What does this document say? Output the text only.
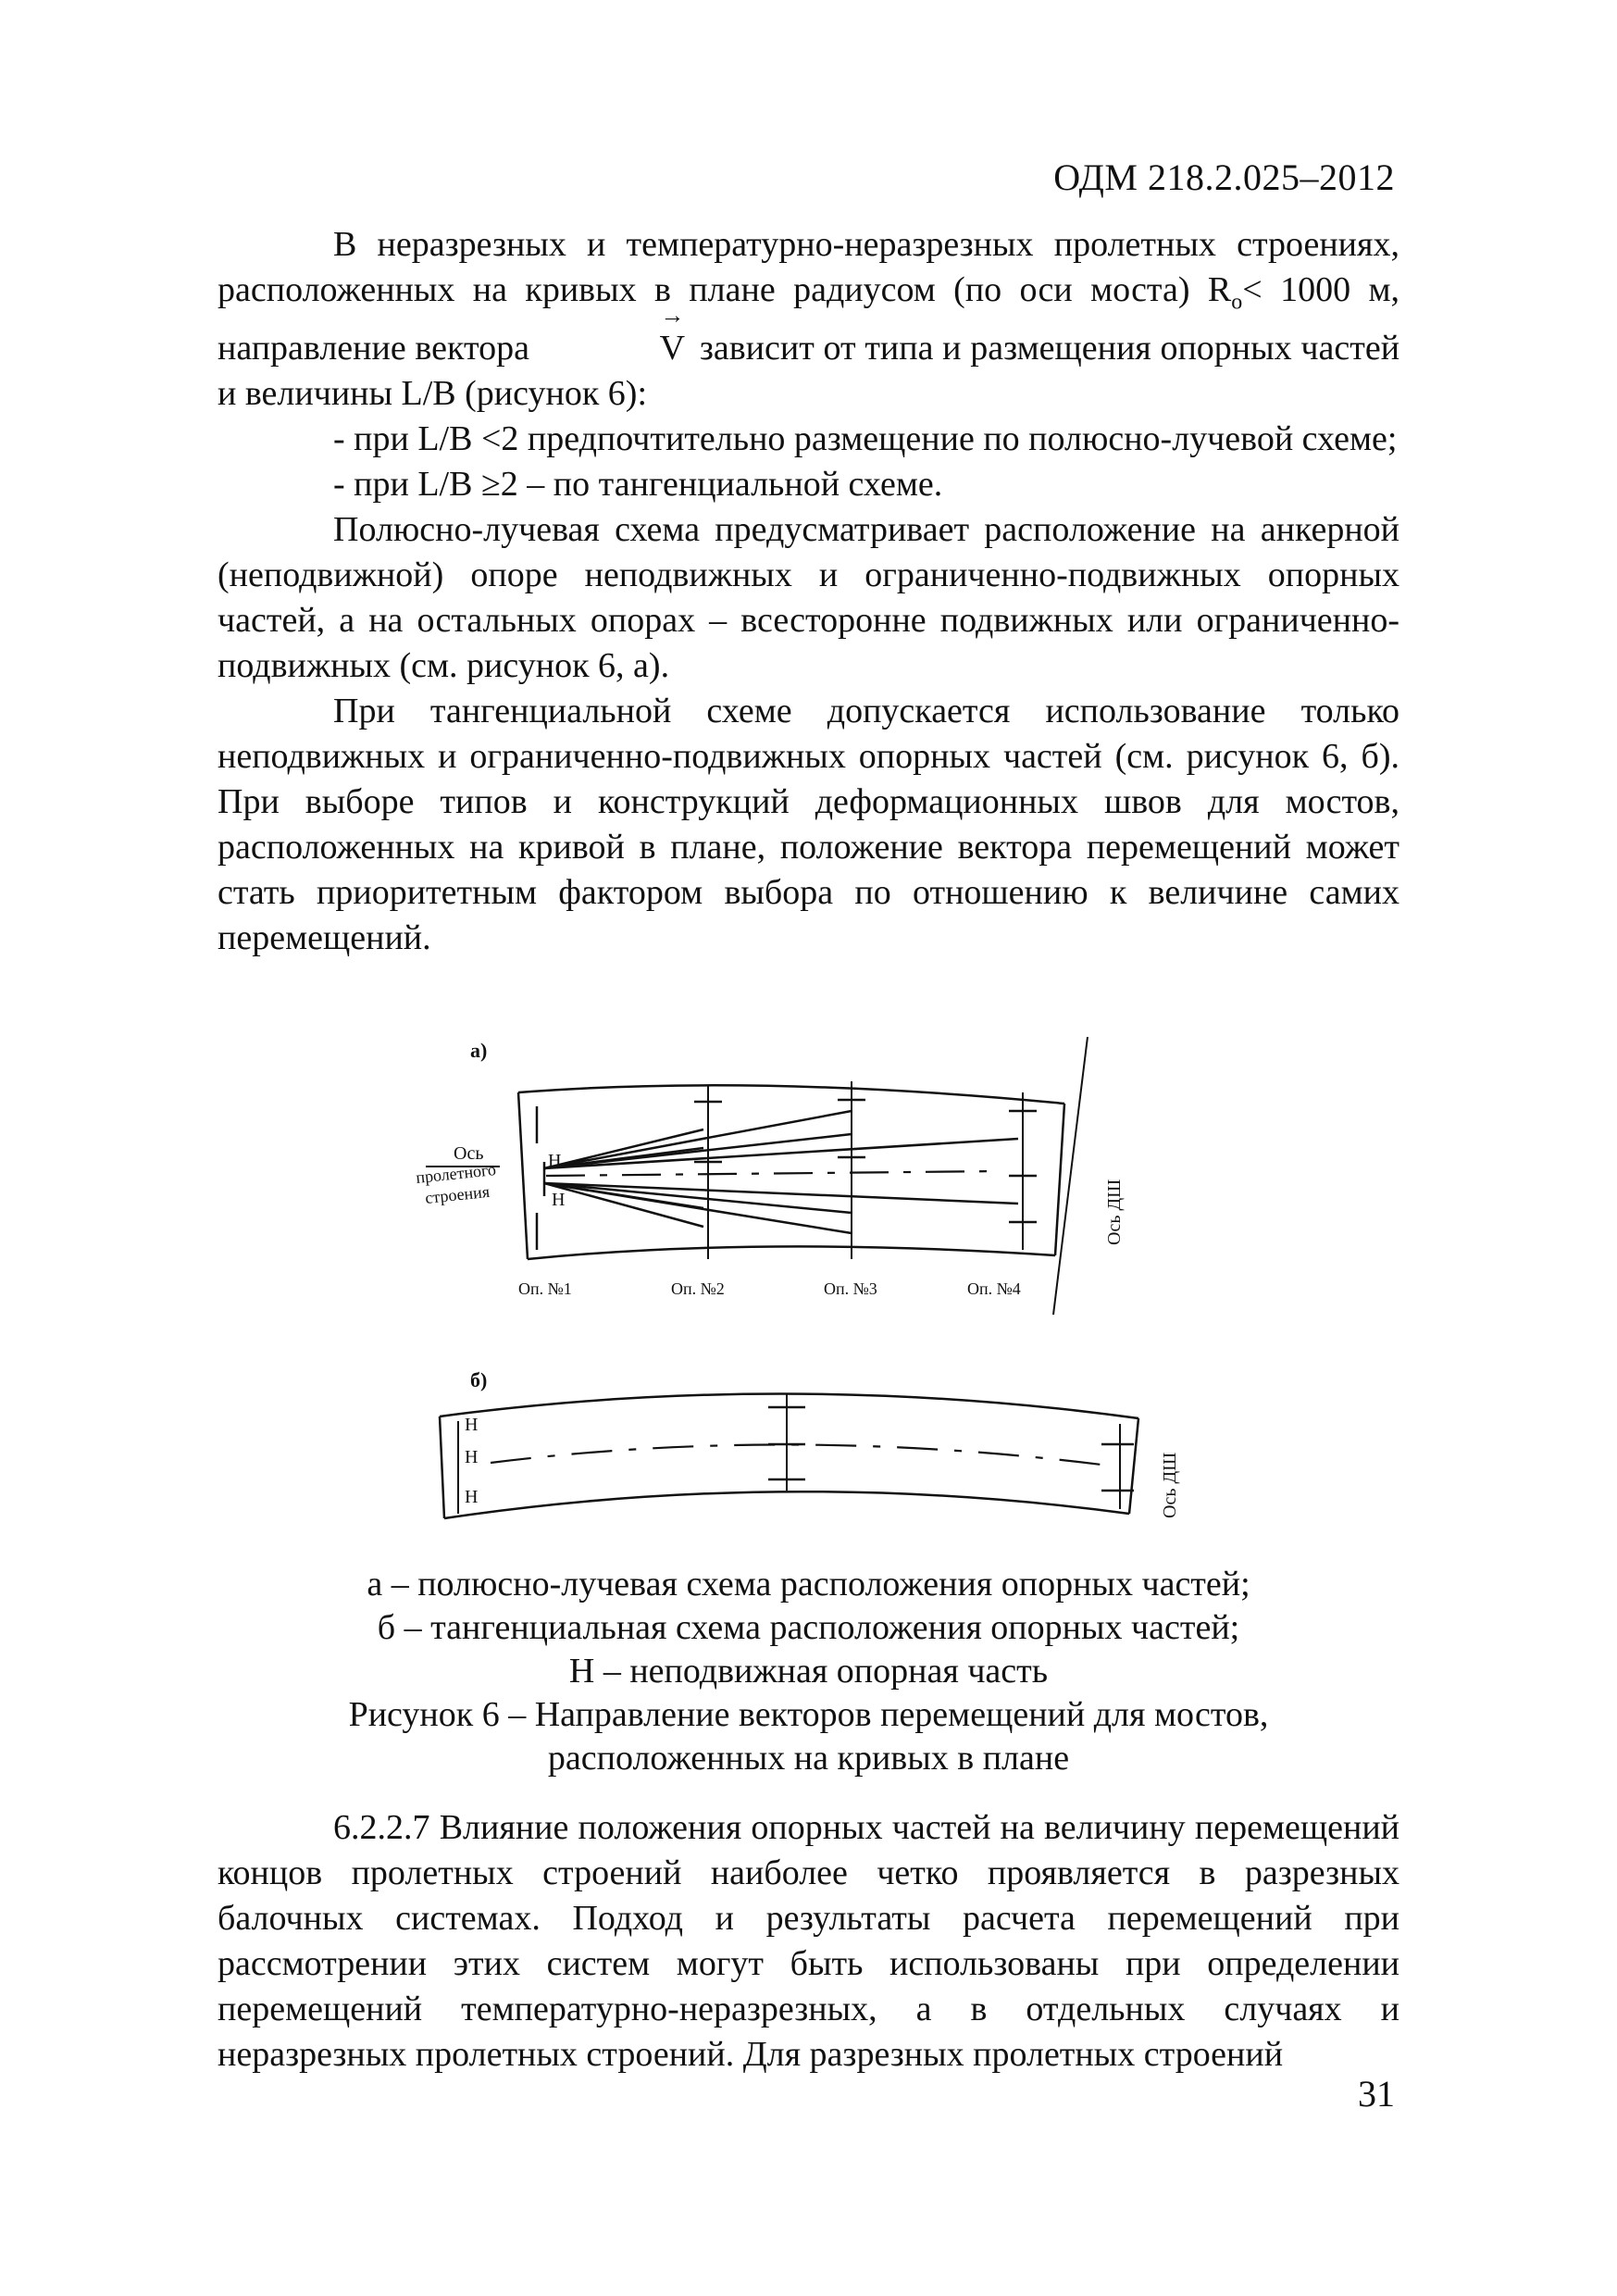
ОДМ 218.2.025–2012

В неразрезных и температурно-неразрезных пролетных строениях, расположенных на кривых в плане радиусом (по оси моста) $R_o< 1000$ м, направление вектора
→
V зависит от типа и размещения опорных частей и величины L/B (рисунок 6):

- при L/B <2 предпочтительно размещение по полюсно-лучевой схеме;

- при L/B ≥2 – по тангенциальной схеме.

Полюсно-лучевая схема предусматривает расположение на анкерной (неподвижной) опоре неподвижных и ограниченно-подвижных опорных частей, а на остальных опорах – всесторонне подвижных или ограниченно-подвижных (см. рисунок 6, а).

При тангенциальной схеме допускается использование только неподвижных и ограниченно-подвижных опорных частей (см. рисунок 6, б). При выборе типов и конструкций деформационных швов для мостов, расположенных на кривой в плане, положение вектора перемещений может стать приоритетным фактором выбора по отношению к величине самих перемещений.

а)
Н
Н
Ось
пролетного
строения	Ось ДШ
Оп. №1	Оп. №2	Оп. №3	Оп. №4
б)
Н
Н
Н	Ось ДШ

а – полюсно-лучевая схема расположения опорных частей;

б – тангенциальная схема расположения опорных частей;

Н – неподвижная опорная часть

Рисунок 6 – Направление векторов перемещений для мостов,

расположенных на кривых в плане

6.2.2.7 Влияние положения опорных частей на величину перемещений концов пролетных строений наиболее четко проявляется в разрезных балочных системах. Подход и результаты расчета перемещений при рассмотрении этих систем могут быть использованы при определении перемещений температурно-неразрезных, а в отдельных случаях и неразрезных пролетных строений. Для разрезных пролетных строений

31
